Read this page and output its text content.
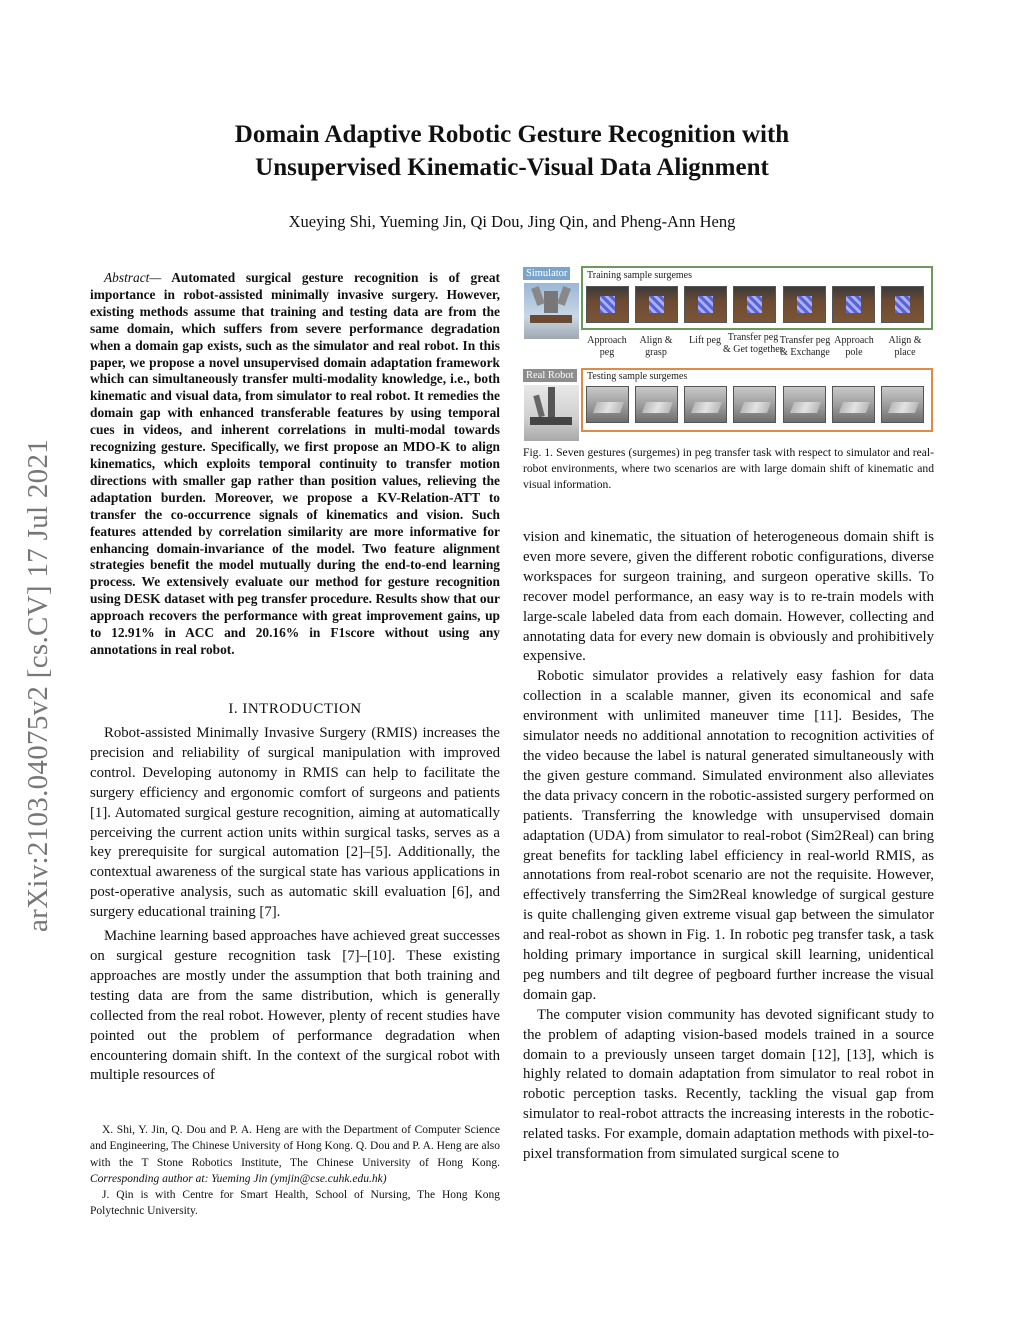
arXiv:2103.04075v2 [cs.CV] 17 Jul 2021
Domain Adaptive Robotic Gesture Recognition with
Unsupervised Kinematic-Visual Data Alignment
Xueying Shi, Yueming Jin, Qi Dou, Jing Qin, and Pheng-Ann Heng
Abstract— Automated surgical gesture recognition is of great importance in robot-assisted minimally invasive surgery. However, existing methods assume that training and testing data are from the same domain, which suffers from severe performance degradation when a domain gap exists, such as the simulator and real robot. In this paper, we propose a novel unsupervised domain adaptation framework which can simultaneously transfer multi-modality knowledge, i.e., both kinematic and visual data, from simulator to real robot. It remedies the domain gap with enhanced transferable features by using temporal cues in videos, and inherent correlations in multi-modal towards recognizing gesture. Specifically, we first propose an MDO-K to align kinematics, which exploits temporal continuity to transfer motion directions with smaller gap rather than position values, relieving the adaptation burden. Moreover, we propose a KV-Relation-ATT to transfer the co-occurrence signals of kinematics and vision. Such features attended by correlation similarity are more informative for enhancing domain-invariance of the model. Two feature alignment strategies benefit the model mutually during the end-to-end learning process. We extensively evaluate our method for gesture recognition using DESK dataset with peg transfer procedure. Results show that our approach recovers the performance with great improvement gains, up to 12.91% in ACC and 20.16% in F1score without using any annotations in real robot.
I. INTRODUCTION

Robot-assisted Minimally Invasive Surgery (RMIS) increases the precision and reliability of surgical manipulation with improved control. Developing autonomy in RMIS can help to facilitate the surgery efficiency and ergonomic comfort of surgeons and patients [1]. Automated surgical gesture recognition, aiming at automatically perceiving the current action units within surgical tasks, serves as a key prerequisite for surgical automation [2]–[5]. Additionally, the contextual awareness of the surgical state has various applications in post-operative analysis, such as automatic skill evaluation [6], and surgery educational training [7].

Machine learning based approaches have achieved great successes on surgical gesture recognition task [7]–[10]. These existing approaches are mostly under the assumption that both training and testing data are from the same distribution, which is generally collected from the real robot. However, plenty of recent studies have pointed out the problem of performance degradation when encountering domain shift. In the context of the surgical robot with multiple resources of

X. Shi, Y. Jin, Q. Dou and P. A. Heng are with the Department of Computer Science and Engineering, The Chinese University of Hong Kong. Q. Dou and P. A. Heng are also with the T Stone Robotics Institute, The Chinese University of Hong Kong. Corresponding author at: Yueming Jin (ymjin@cse.cuhk.edu.hk)

J. Qin is with Centre for Smart Health, School of Nursing, The Hong Kong Polytechnic University.

Simulator	Training sample surgemes
Approach peg
Align & grasp
Lift peg Transfer peg & Get together
Transfer peg & Exchange
Approach pole
Align & place
Real Robot	Testing sample surgemes
Fig. 1. Seven gestures (surgemes) in peg transfer task with respect to simulator and real-robot environments, where two scenarios are with large domain shift of kinematic and visual information.

vision and kinematic, the situation of heterogeneous domain shift is even more severe, given the different robotic configurations, diverse workspaces for surgeon training, and surgeon operative skills. To recover model performance, an easy way is to re-train models with large-scale labeled data from each domain. However, collecting and annotating data for every new domain is obviously and prohibitively expensive.

Robotic simulator provides a relatively easy fashion for data collection in a scalable manner, given its economical and safe environment with unlimited maneuver time [11]. Besides, The simulator needs no additional annotation to recognition activities of the video because the label is natural generated simultaneously with the given gesture command. Simulated environment also alleviates the data privacy concern in the robotic-assisted surgery performed on patients. Transferring the knowledge with unsupervised domain adaptation (UDA) from simulator to real-robot (Sim2Real) can bring great benefits for tackling label efficiency in real-world RMIS, as annotations from real-robot scenario are not the requisite. However, effectively transferring the Sim2Real knowledge of surgical gesture is quite challenging given extreme visual gap between the simulator and real-robot as shown in Fig. 1. In robotic peg transfer task, a task holding primary importance in surgical skill learning, unidentical peg numbers and tilt degree of pegboard further increase the visual domain gap.

The computer vision community has devoted significant study to the problem of adapting vision-based models trained in a source domain to a previously unseen target domain [12], [13], which is highly related to domain adaptation from simulator to real robot in robotic perception tasks. Recently, tackling the visual gap from simulator to real-robot attracts the increasing interests in the robotic-related tasks. For example, domain adaptation methods with pixel-to-pixel transformation from simulated surgical scene to
